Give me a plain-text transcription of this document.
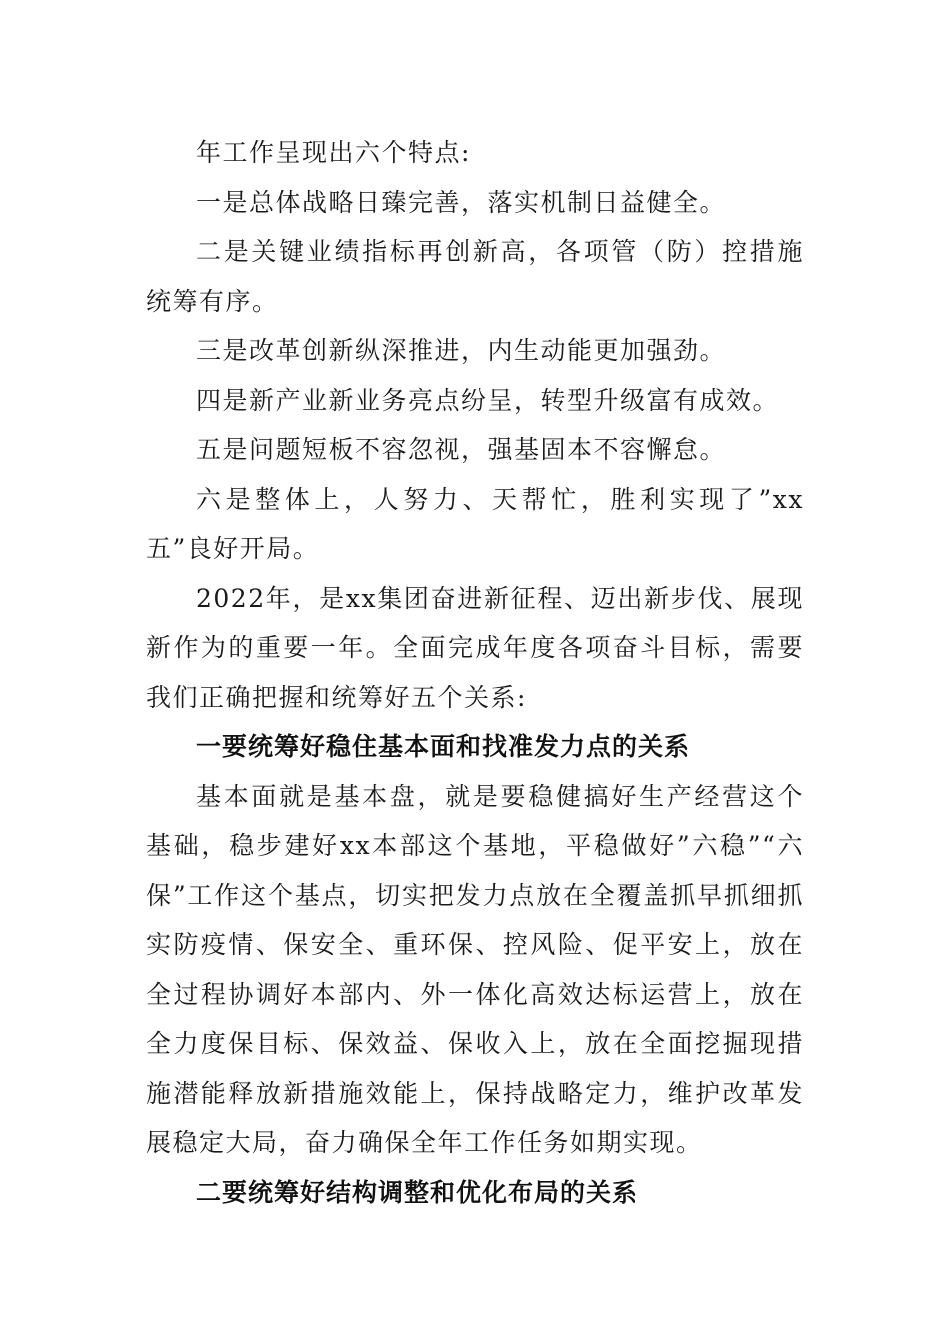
年工作呈现出六个特点:

一是总体战略日臻完善，落实机制日益健全。

二是关键业绩指标再创新高，各项管（防）控措施统筹有序。

三是改革创新纵深推进，内生动能更加强劲。

四是新产业新业务亮点纷呈，转型升级富有成效。

五是问题短板不容忽视，强基固本不容懈怠。

六是整体上，人努力、天帮忙，胜利实现了”xx五”良好开局。

2022年，是xx集团奋进新征程、迈出新步伐、展现新作为的重要一年。全面完成年度各项奋斗目标，需要我们正确把握和统筹好五个关系:

一要统筹好稳住基本面和找准发力点的关系

基本面就是基本盘，就是要稳健搞好生产经营这个基础，稳步建好xx本部这个基地，平稳做好”六稳”“六保”工作这个基点，切实把发力点放在全覆盖抓早抓细抓实防疫情、保安全、重环保、控风险、促平安上，放在全过程协调好本部内、外一体化高效达标运营上，放在全力度保目标、保效益、保收入上，放在全面挖掘现措施潜能释放新措施效能上，保持战略定力，维护改革发展稳定大局，奋力确保全年工作任务如期实现。

二要统筹好结构调整和优化布局的关系
